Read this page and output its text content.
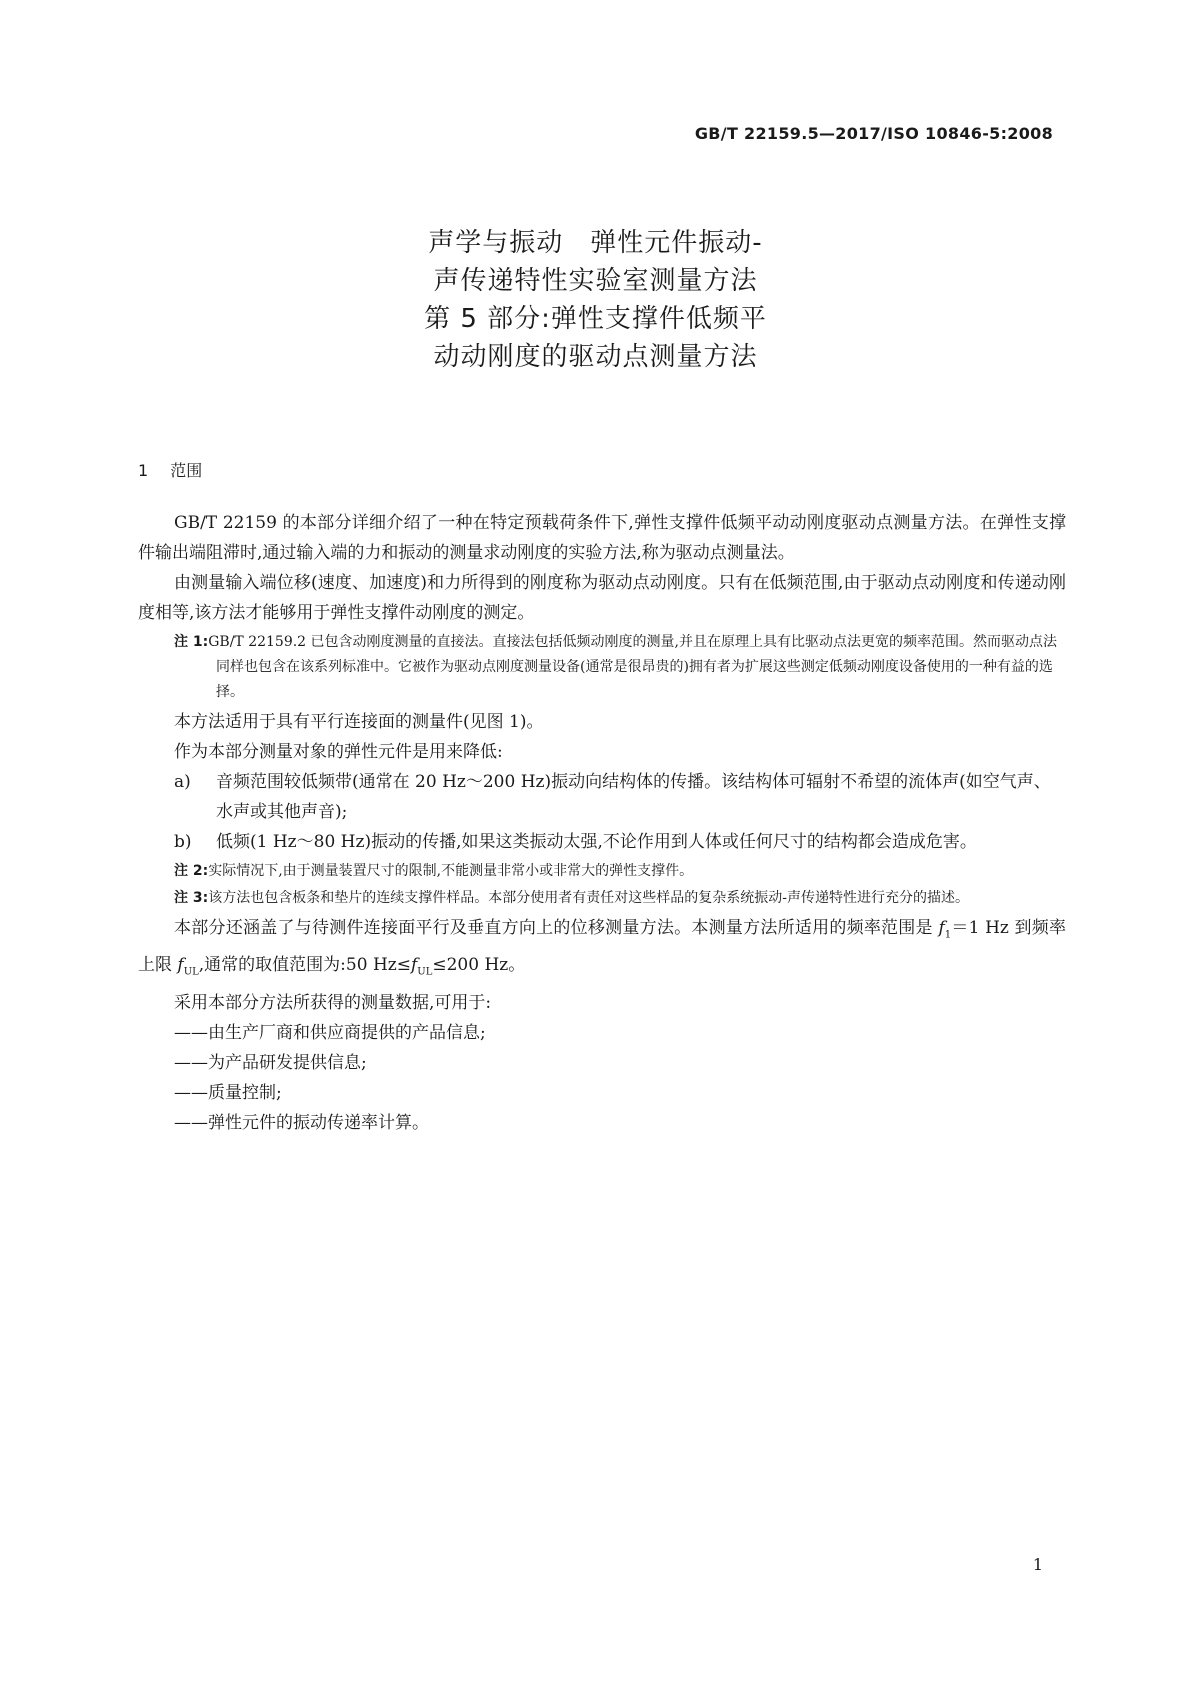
GB/T 22159.5—2017/ISO 10846-5:2008
声学与振动　弹性元件振动-
声传递特性实验室测量方法
第 5 部分:弹性支撑件低频平
动动刚度的驱动点测量方法
1 范围

GB/T 22159 的本部分详细介绍了一种在特定预载荷条件下,弹性支撑件低频平动动刚度驱动点测量方法。在弹性支撑件输出端阻滞时,通过输入端的力和振动的测量求动刚度的实验方法,称为驱动点测量法。

由测量输入端位移(速度、加速度)和力所得到的刚度称为驱动点动刚度。只有在低频范围,由于驱动点动刚度和传递动刚度相等,该方法才能够用于弹性支撑件动刚度的测定。

注 1:GB/T 22159.2 已包含动刚度测量的直接法。直接法包括低频动刚度的测量,并且在原理上具有比驱动点法更宽的频率范围。然而驱动点法同样也包含在该系列标准中。它被作为驱动点刚度测量设备(通常是很昂贵的)拥有者为扩展这些测定低频动刚度设备使用的一种有益的选择。

本方法适用于具有平行连接面的测量件(见图 1)。

作为本部分测量对象的弹性元件是用来降低:

a) 音频范围较低频带(通常在 20 Hz～200 Hz)振动向结构体的传播。该结构体可辐射不希望的流体声(如空气声、水声或其他声音);

b) 低频(1 Hz～80 Hz)振动的传播,如果这类振动太强,不论作用到人体或任何尺寸的结构都会造成危害。

注 2:实际情况下,由于测量装置尺寸的限制,不能测量非常小或非常大的弹性支撑件。
注 3:该方法也包含板条和垫片的连续支撑件样品。本部分使用者有责任对这些样品的复杂系统振动-声传递特性进行充分的描述。

本部分还涵盖了与待测件连接面平行及垂直方向上的位移测量方法。本测量方法所适用的频率范围是 $f_1=1$ Hz 到频率上限 $f_{UL}$,通常的取值范围为:50 $Hz\le f_{UL}\le 200$ Hz。

采用本部分方法所获得的测量数据,可用于:

——由生产厂商和供应商提供的产品信息;

——为产品研发提供信息;

——质量控制;

——弹性元件的振动传递率计算。

1
